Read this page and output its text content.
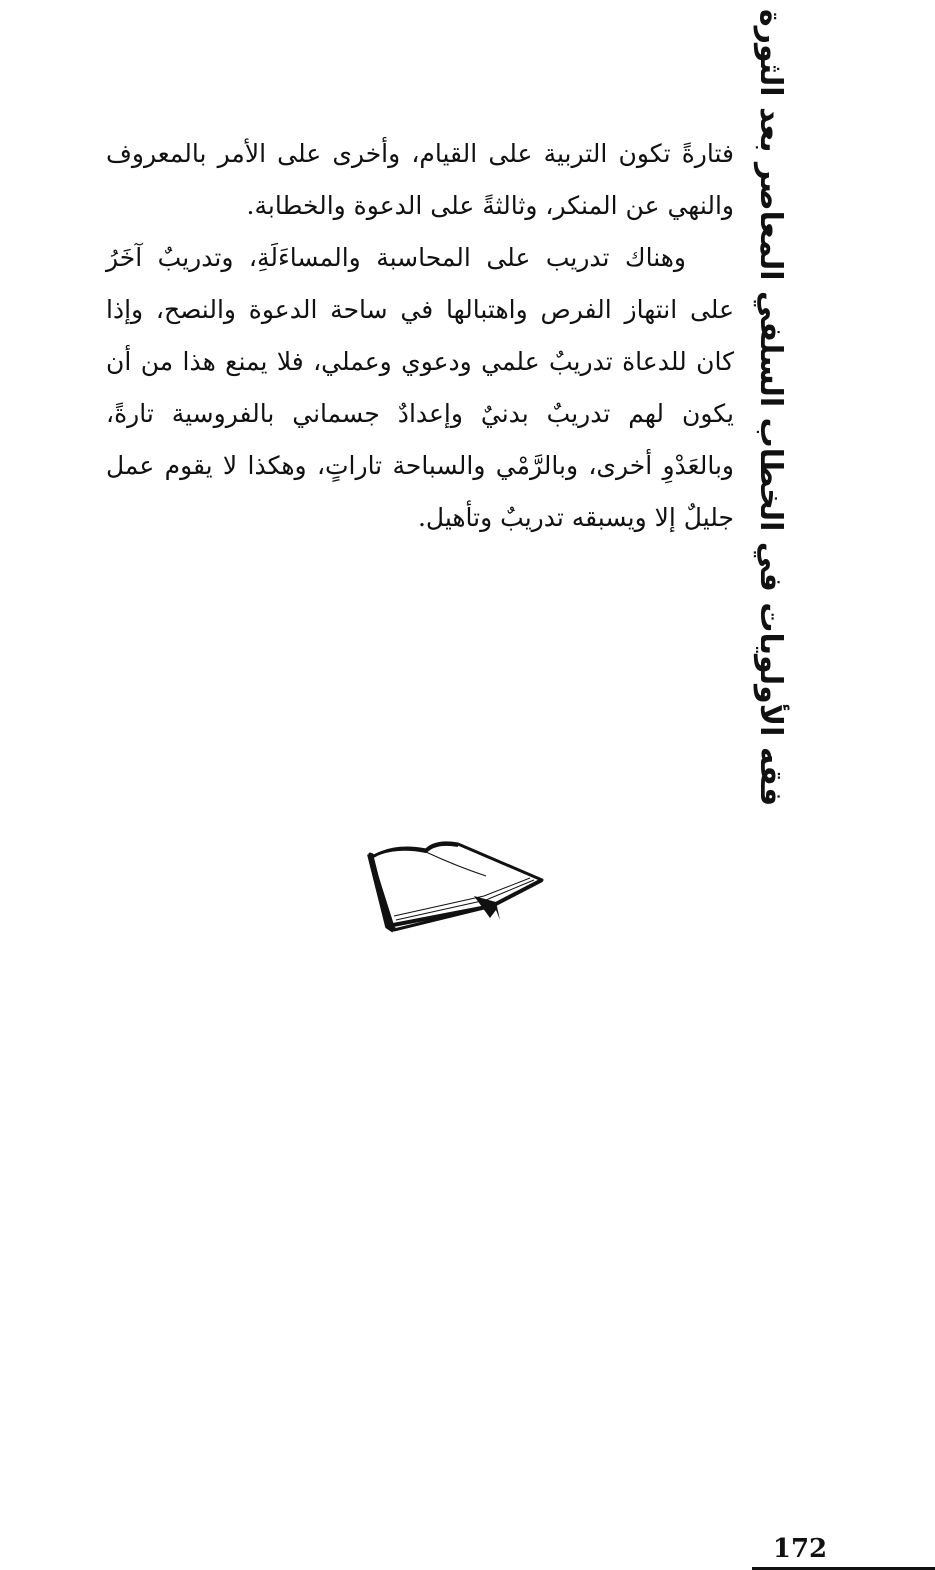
فقه الأولويات في الخطاب السلفي المعاصر بعد الثورة

فتارةً تكون التربية على القيام، وأخرى على الأمر بالمعروف والنهي عن المنكر، وثالثةً على الدعوة والخطابة.

وهناك تدريب على المحاسبة والمساءَلَةِ، وتدريبٌ آخَرُ على انتهاز الفرص واهتبالها في ساحة الدعوة والنصح، وإذا كان للدعاة تدريبٌ علمي ودعوي وعملي، فلا يمنع هذا من أن يكون لهم تدريبٌ بدنيٌ وإعدادٌ جسماني بالفروسية تارةً، وبالعَدْوِ أخرى، وبالرَّمْي والسباحة تاراتٍ، وهكذا لا يقوم عمل جليلٌ إلا ويسبقه تدريبٌ وتأهيل.

172
